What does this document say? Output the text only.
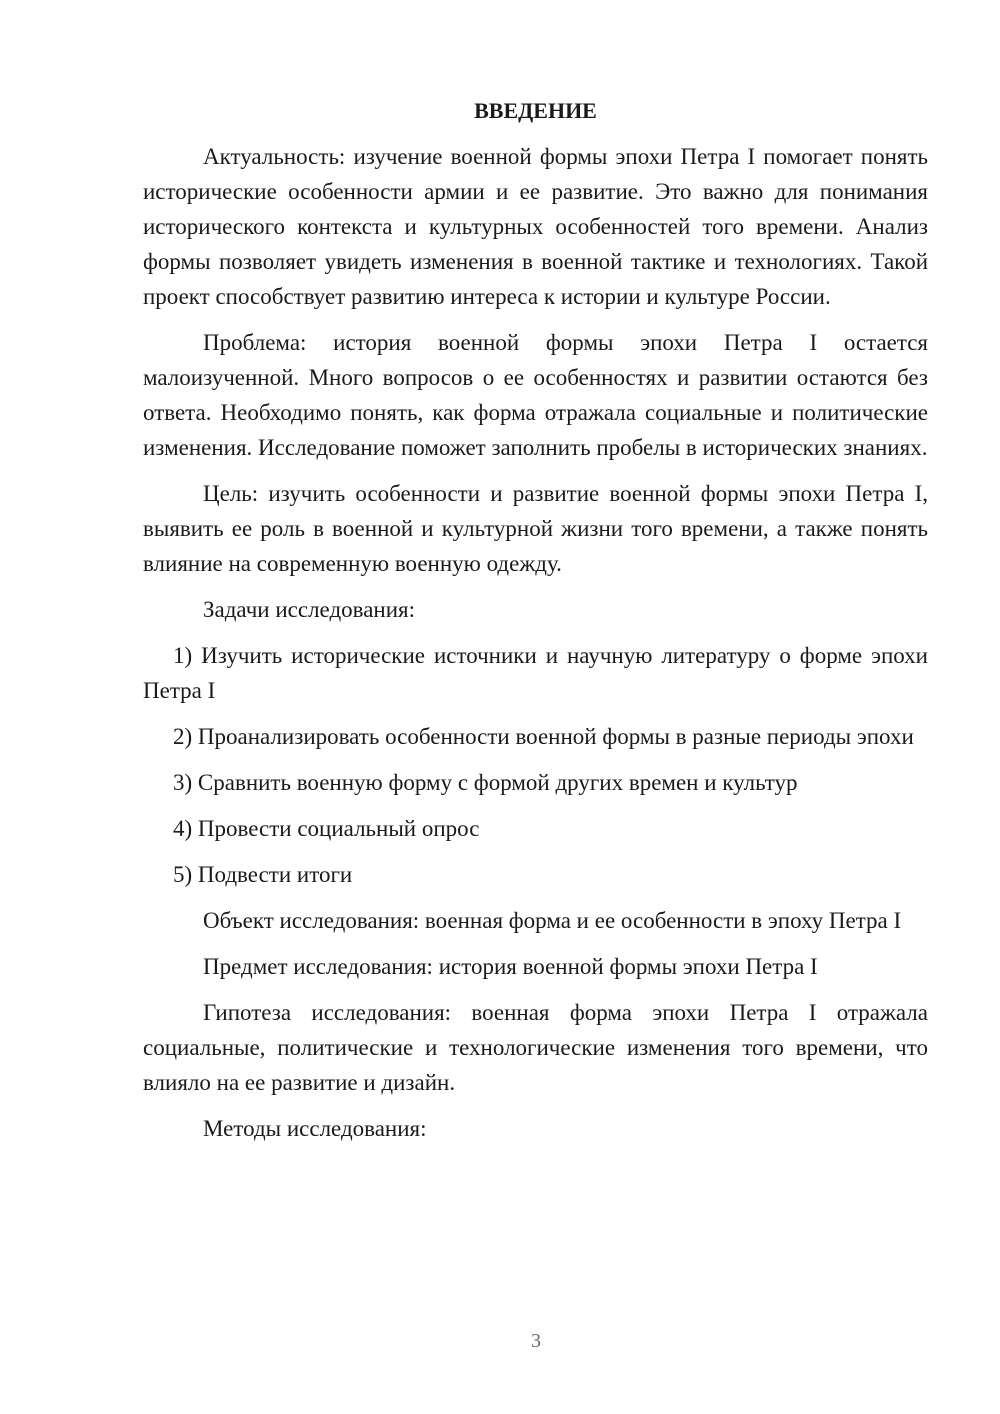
ВВЕДЕНИЕ

Актуальность: изучение военной формы эпохи Петра I помогает понять исторические особенности армии и ее развитие. Это важно для понимания исторического контекста и культурных особенностей того времени. Анализ формы позволяет увидеть изменения в военной тактике и технологиях. Такой проект способствует развитию интереса к истории и культуре России.

Проблема: история военной формы эпохи Петра I остается малоизученной. Много вопросов о ее особенностях и развитии остаются без ответа. Необходимо понять, как форма отражала социальные и политические изменения. Исследование поможет заполнить пробелы в исторических знаниях.

Цель: изучить особенности и развитие военной формы эпохи Петра I, выявить ее роль в военной и культурной жизни того времени, а также понять влияние на современную военную одежду.

Задачи исследования:

1) Изучить исторические источники и научную литературу о форме эпохи Петра I

2) Проанализировать особенности военной формы в разные периоды эпохи

3) Сравнить военную форму с формой других времен и культур

4) Провести социальный опрос

5) Подвести итоги

Объект исследования: военная форма и ее особенности в эпоху Петра I

Предмет исследования: история военной формы эпохи Петра I

Гипотеза исследования: военная форма эпохи Петра I отражала социальные, политические и технологические изменения того времени, что влияло на ее развитие и дизайн.

Методы исследования:

3
